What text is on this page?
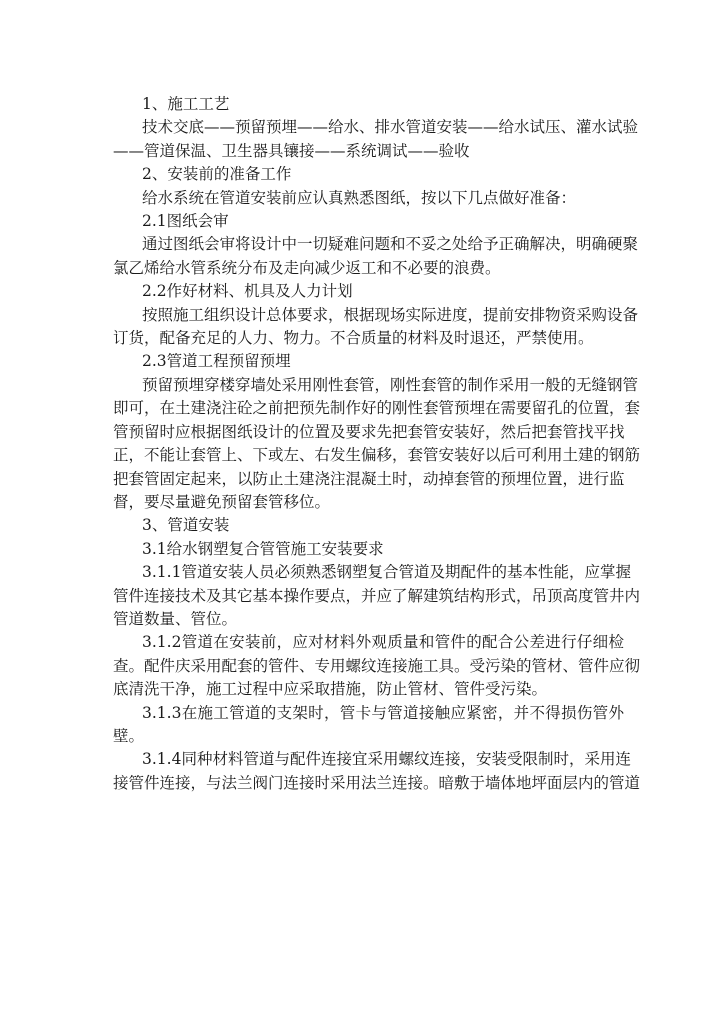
1、施工工艺
技术交底——预留预埋——给水、排水管道安装——给水试压、灌水试验
——管道保温、卫生器具镶接——系统调试——验收
2、安装前的准备工作
给水系统在管道安装前应认真熟悉图纸，按以下几点做好准备：
2.1图纸会审
通过图纸会审将设计中一切疑难问题和不妥之处给予正确解决，明确硬聚
氯乙烯给水管系统分布及走向减少返工和不必要的浪费。
2.2作好材料、机具及人力计划
按照施工组织设计总体要求，根据现场实际进度，提前安排物资采购设备
订货，配备充足的人力、物力。不合质量的材料及时退还，严禁使用。
2.3管道工程预留预埋
预留预埋穿楼穿墙处采用刚性套管，刚性套管的制作采用一般的无缝钢管
即可，在土建浇注砼之前把预先制作好的刚性套管预埋在需要留孔的位置，套
管预留时应根据图纸设计的位置及要求先把套管安装好，然后把套管找平找
正，不能让套管上、下或左、右发生偏移，套管安装好以后可利用土建的钢筋
把套管固定起来，以防止土建浇注混凝土时，动掉套管的预埋位置，进行监
督，要尽量避免预留套管移位。
3、管道安装
3.1给水钢塑复合管管施工安装要求
3.1.1管道安装人员必须熟悉钢塑复合管道及期配件的基本性能，应掌握
管件连接技术及其它基本操作要点，并应了解建筑结构形式，吊顶高度管井内
管道数量、管位。
3.1.2管道在安装前，应对材料外观质量和管件的配合公差进行仔细检
查。配件庆采用配套的管件、专用螺纹连接施工具。受污染的管材、管件应彻
底清洗干净，施工过程中应采取措施，防止管材、管件受污染。
3.1.3在施工管道的支架时，管卡与管道接触应紧密，并不得损伤管外
壁。
3.1.4同种材料管道与配件连接宜采用螺纹连接，安装受限制时，采用连
接管件连接，与法兰阀门连接时采用法兰连接。暗敷于墙体地坪面层内的管道
